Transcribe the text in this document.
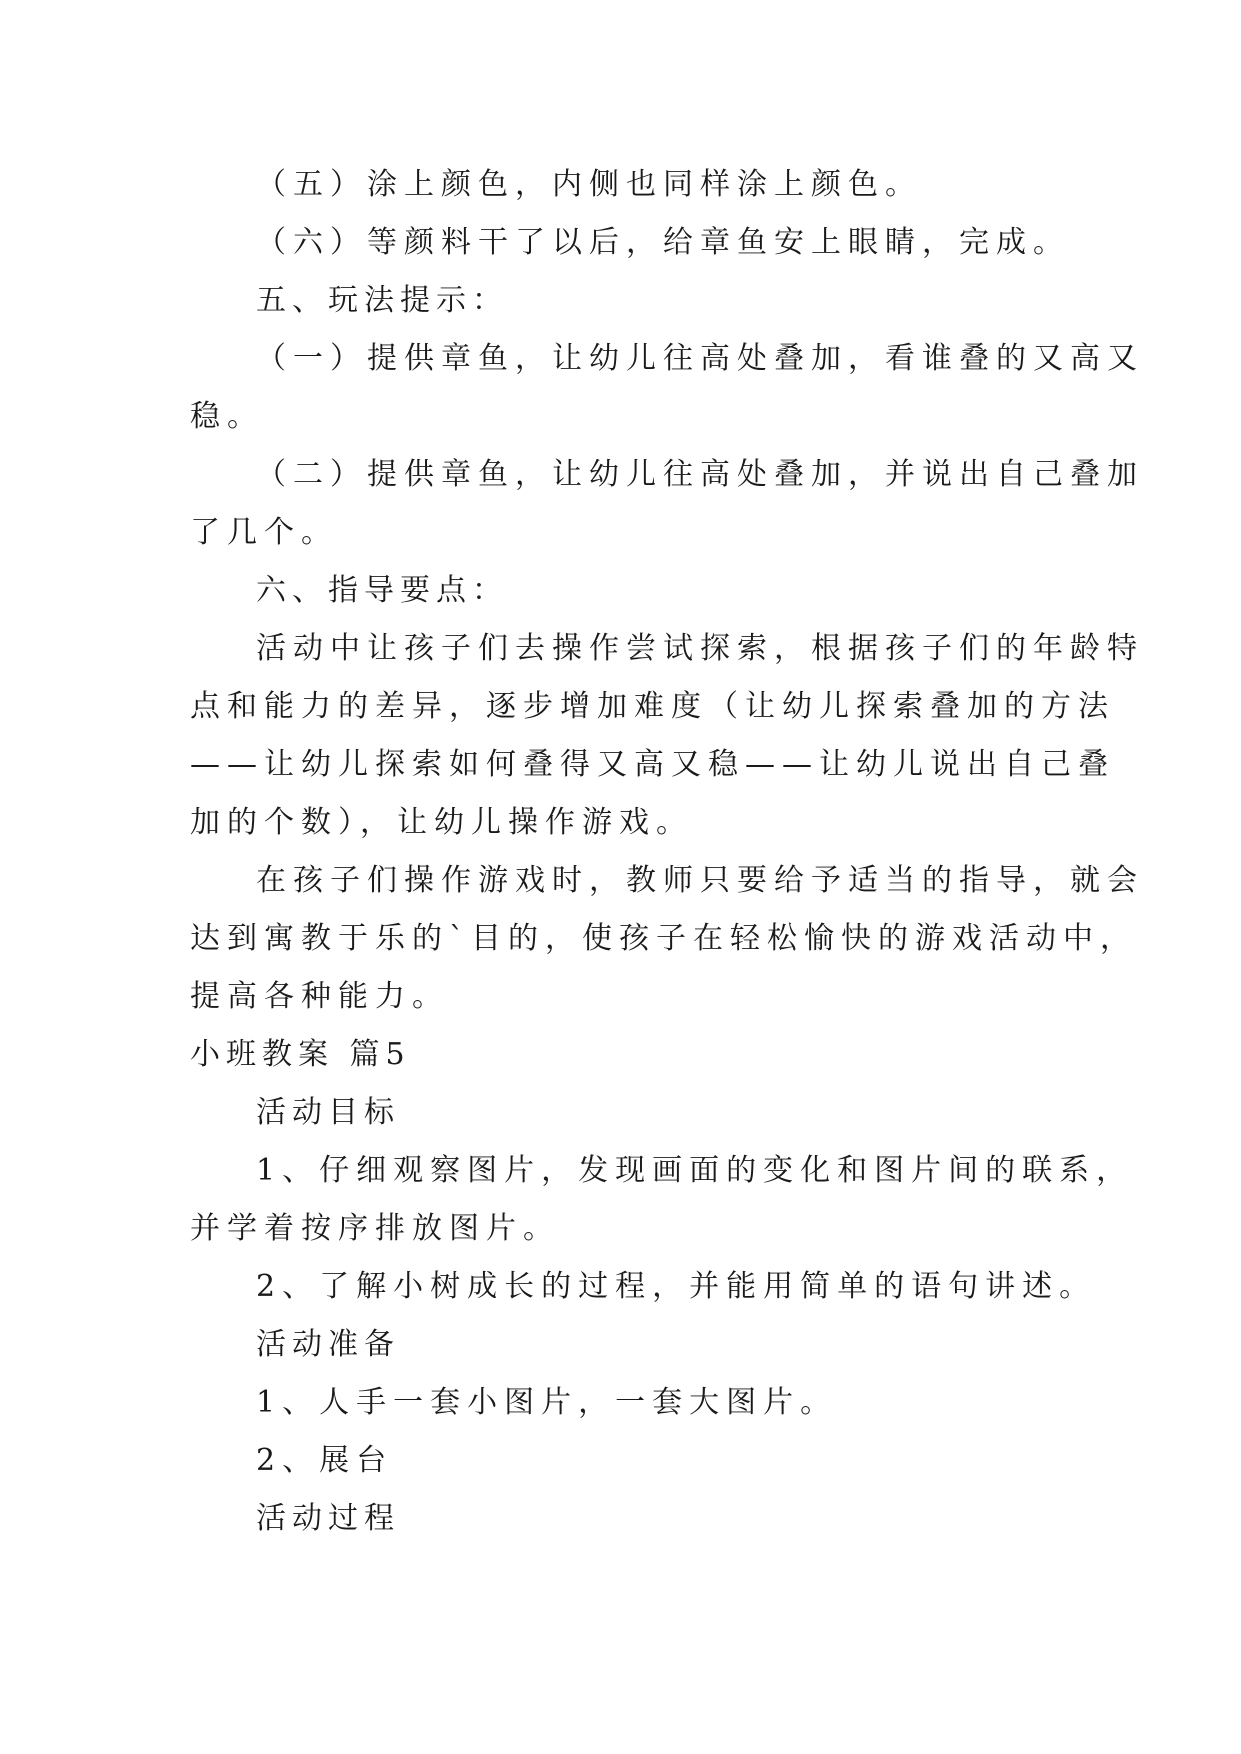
（五）涂上颜色，内侧也同样涂上颜色。
（六）等颜料干了以后，给章鱼安上眼睛，完成。
五、玩法提示：
（一）提供章鱼，让幼儿往高处叠加，看谁叠的又高又
稳。
（二）提供章鱼，让幼儿往高处叠加，并说出自己叠加
了几个。
六、指导要点：
活动中让孩子们去操作尝试探索，根据孩子们的年龄特
点和能力的差异，逐步增加难度（让幼儿探索叠加的方法
——让幼儿探索如何叠得又高又稳——让幼儿说出自己叠
加的个数），让幼儿操作游戏。
在孩子们操作游戏时，教师只要给予适当的指导，就会
达到寓教于乐的`目的，使孩子在轻松愉快的游戏活动中，
提高各种能力。
小班教案 篇5
活动目标
1、仔细观察图片，发现画面的变化和图片间的联系，
并学着按序排放图片。
2、了解小树成长的过程，并能用简单的语句讲述。
活动准备
1、人手一套小图片，一套大图片。
2、展台
活动过程
